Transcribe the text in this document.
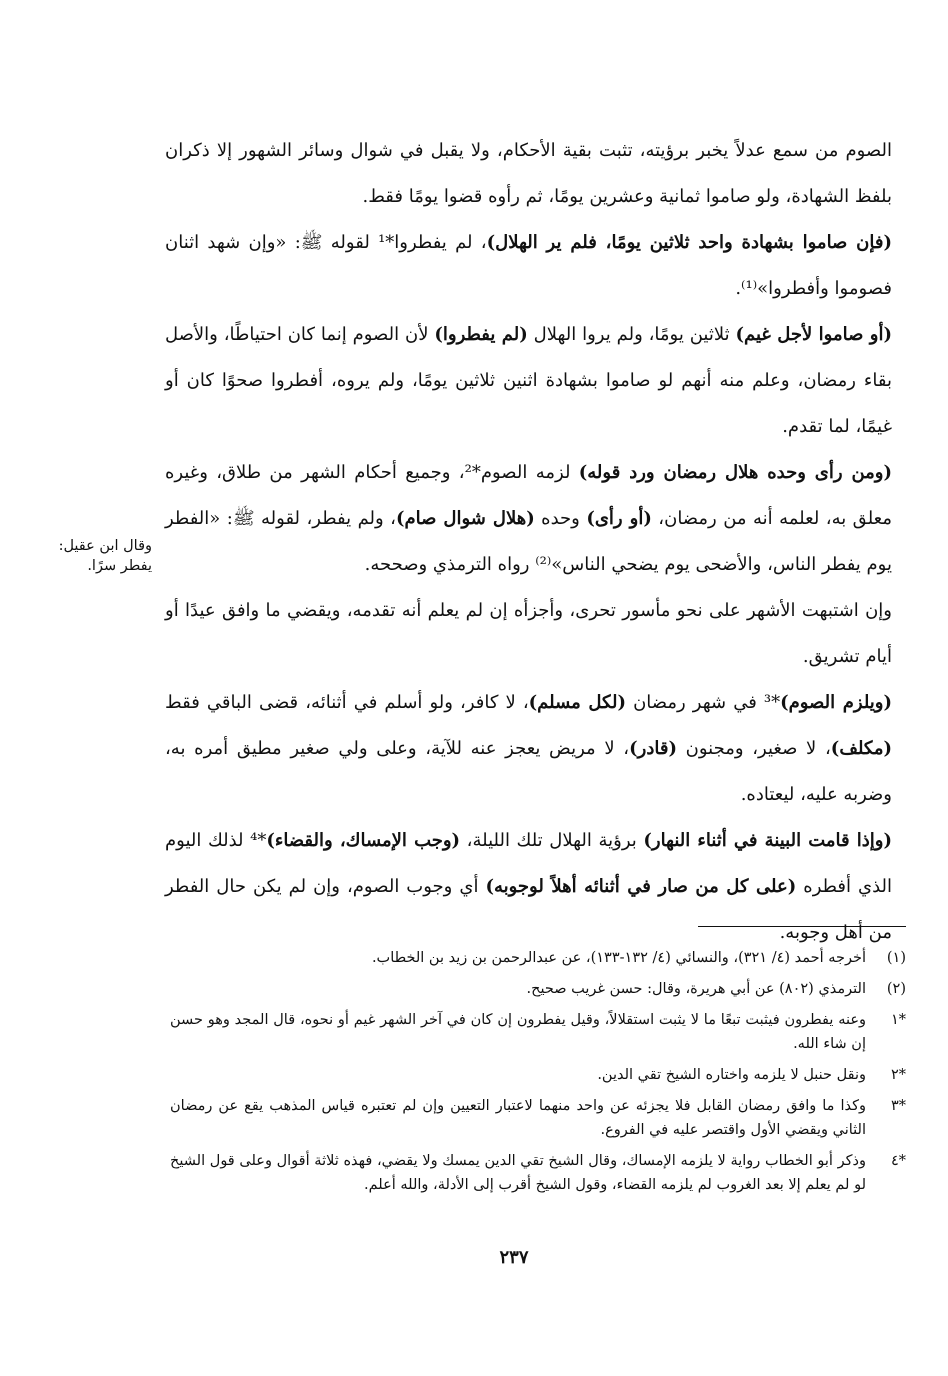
الصوم من سمع عدلاً يخبر برؤيته، تثبت بقية الأحكام، ولا يقبل في شوال وسائر الشهور إلا ذكران بلفظ الشهادة، ولو صاموا ثمانية وعشرين يومًا، ثم رأوه قضوا يومًا فقط.

(فإن صاموا بشهادة واحد ثلاثين يومًا، فلم ير الهلال)، لم يفطروا*¹ لقوله ﷺ: «وإن شهد اثنان فصوموا وأفطروا»⁽¹⁾.

(أو صاموا لأجل غيم) ثلاثين يومًا، ولم يروا الهلال (لم يفطروا) لأن الصوم إنما كان احتياطًا، والأصل بقاء رمضان، وعلم منه أنهم لو صاموا بشهادة اثنين ثلاثين يومًا، ولم يروه، أفطروا صحوًا كان أو غيمًا، لما تقدم.

(ومن رأى وحده هلال رمضان ورد قوله) لزمه الصوم*²، وجميع أحكام الشهر من طلاق، وغيره معلق به، لعلمه أنه من رمضان، (أو رأى) وحده (هلال شوال صام)، ولم يفطر، لقوله ﷺ: «الفطر يوم يفطر الناس، والأضحى يوم يضحي الناس»⁽²⁾ رواه الترمذي وصححه.

وإن اشتبهت الأشهر على نحو مأسور تحرى، وأجزأه إن لم يعلم أنه تقدمه، ويقضي ما وافق عيدًا أو أيام تشريق.

(ويلزم الصوم)*³ في شهر رمضان (لكل مسلم)، لا كافر، ولو أسلم في أثنائه، قضى الباقي فقط (مكلف)، لا صغير، ومجنون (قادر)، لا مريض يعجز عنه للآية، وعلى ولي صغير مطيق أمره به، وضربه عليه، ليعتاده.

(وإذا قامت البينة في أثناء النهار) برؤية الهلال تلك الليلة، (وجب الإمساك، والقضاء)*⁴ لذلك اليوم الذي أفطره (على كل من صار في أثنائه أهلاً لوجوبه) أي وجوب الصوم، وإن لم يكن حال الفطر من أهل وجوبه.

وقال ابن عقيل: يفطر سرًا.
(١)
أخرجه أحمد (٤/ ٣٢١)، والنسائي (٤/ ١٣٢-١٣٣)، عن عبدالرحمن بن زيد بن الخطاب.
(٢)
الترمذي (٨٠٢) عن أبي هريرة، وقال: حسن غريب صحيح.
*١
وعنه يفطرون فيثبت تبعًا ما لا يثبت استقلالاً، وقيل يفطرون إن كان في آخر الشهر غيم أو نحوه، قال المجد وهو حسن إن شاء الله.
*٢
ونقل حنبل لا يلزمه واختاره الشيخ تقي الدين.
*٣
وكذا ما وافق رمضان القابل فلا يجزئه عن واحد منهما لاعتبار التعيين وإن لم تعتبره قياس المذهب يقع عن رمضان الثاني ويقضي الأول واقتصر عليه في الفروع.
*٤
وذكر أبو الخطاب رواية لا يلزمه الإمساك، وقال الشيخ تقي الدين يمسك ولا يقضي، فهذه ثلاثة أقوال وعلى قول الشيخ لو لم يعلم إلا بعد الغروب لم يلزمه القضاء، وقول الشيخ أقرب إلى الأدلة، والله أعلم.
٢٣٧
